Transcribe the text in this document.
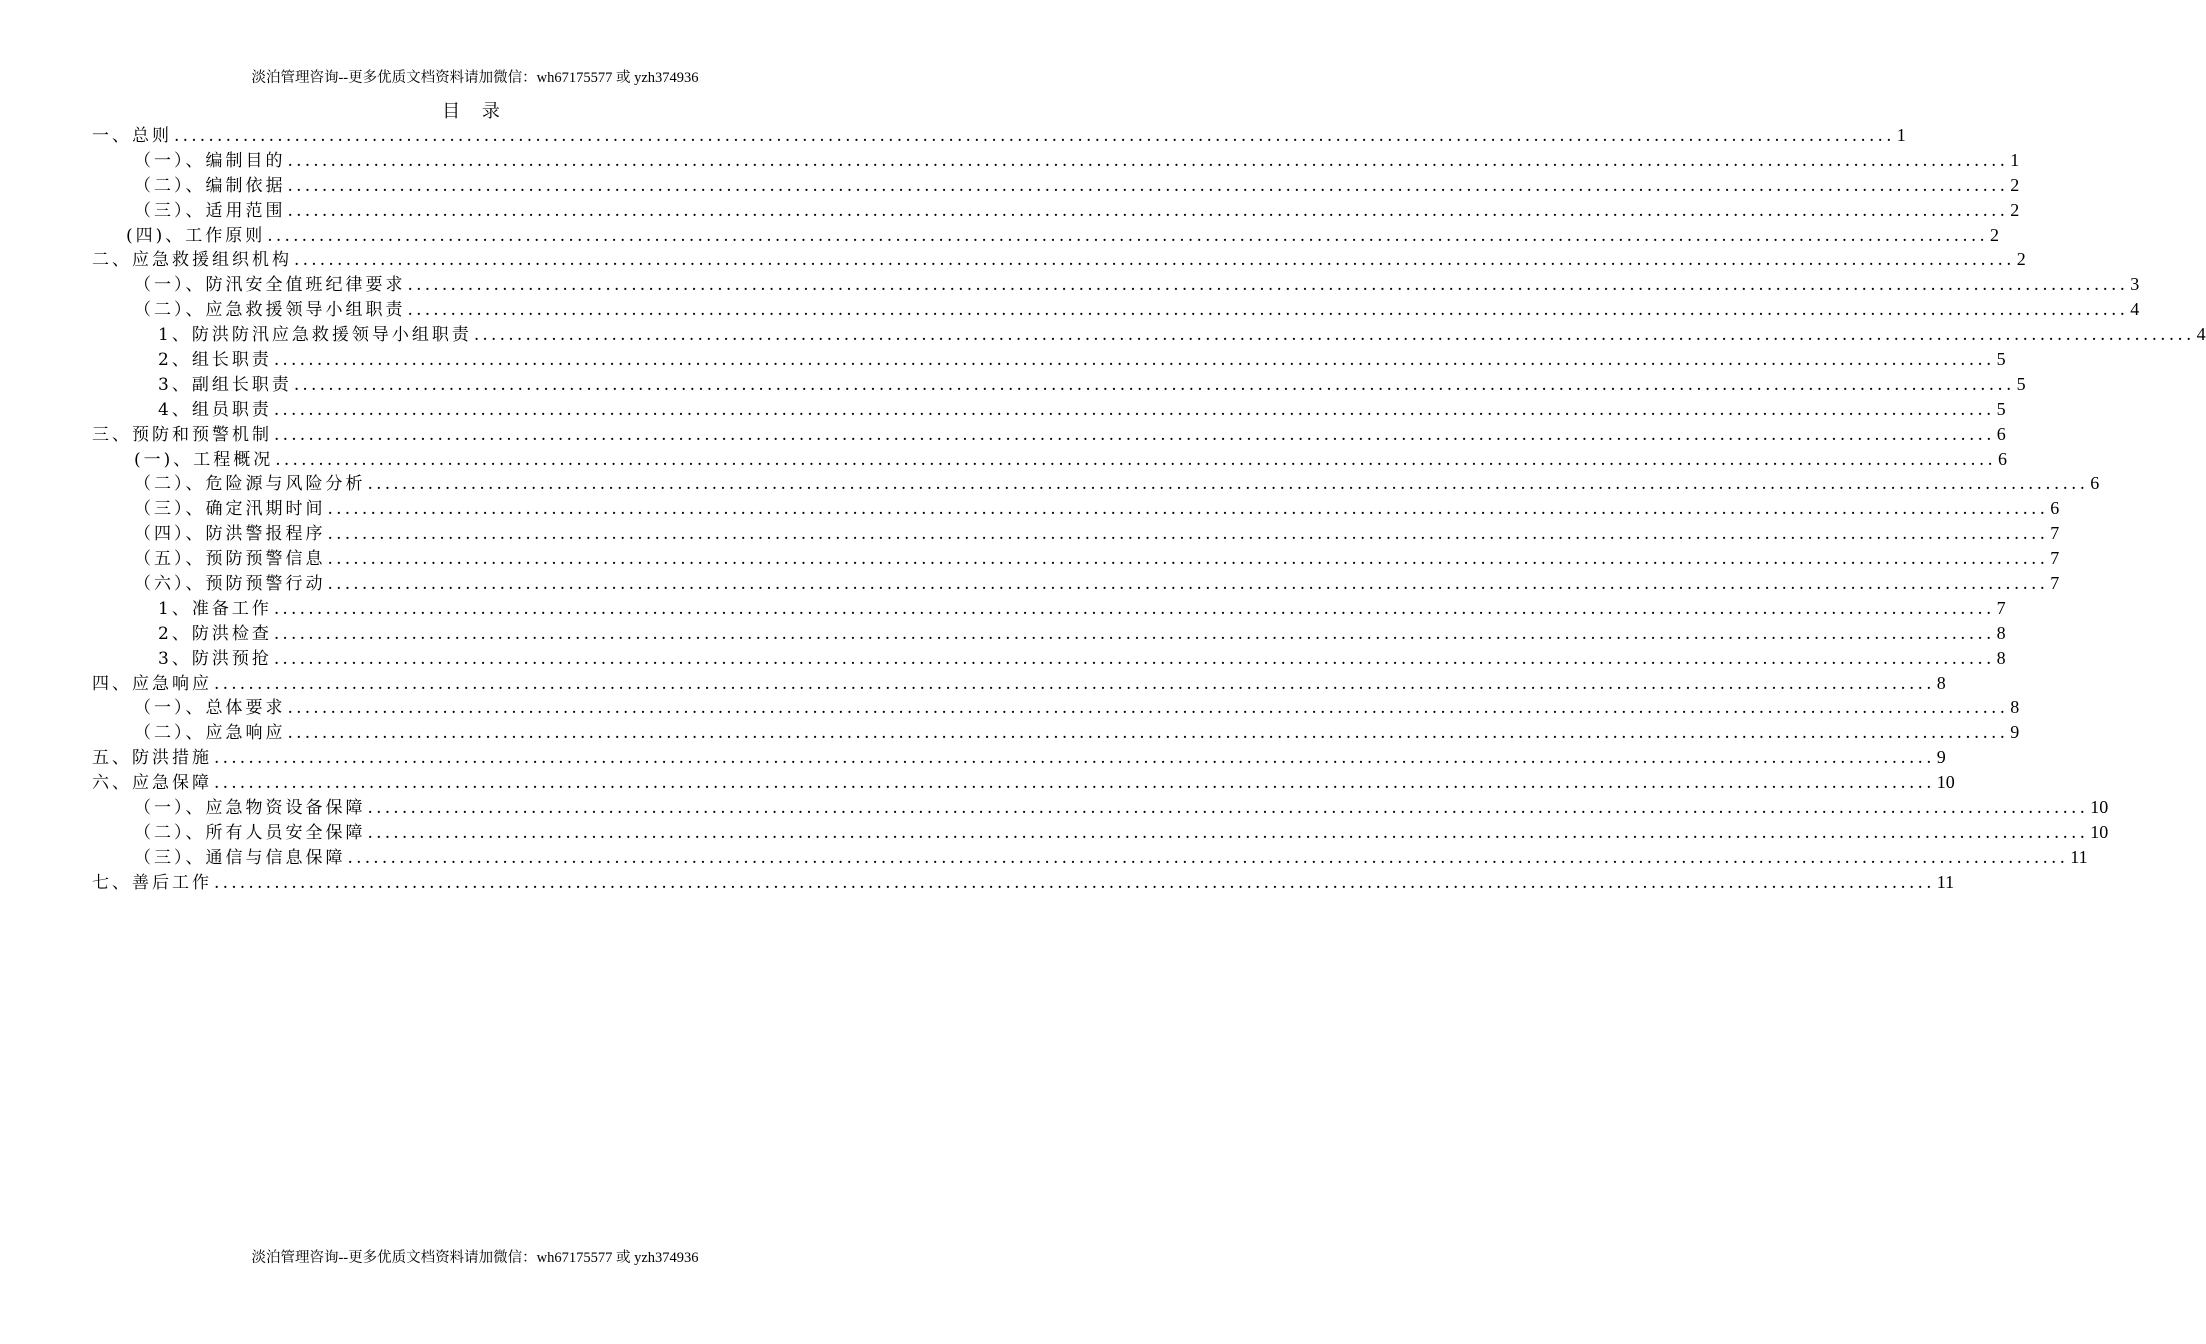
淡泊管理咨询--更多优质文档资料请加微信：wh67175577 或 yzh374936
目 录
一、总则 ........................................................................................................................................................................................................ 1
（一）、编制目的 ........................................................................................................................................................................................................ 1
（二）、编制依据 ........................................................................................................................................................................................................ 2
（三）、适用范围 ........................................................................................................................................................................................................ 2
(四)、工作原则 ........................................................................................................................................................................................................ 2
二、应急救援组织机构 ........................................................................................................................................................................................................ 2
（一）、防汛安全值班纪律要求 ........................................................................................................................................................................................................ 3
（二）、应急救援领导小组职责 ........................................................................................................................................................................................................ 4
1、防洪防汛应急救援领导小组职责 ........................................................................................................................................................................................................ 4
2、组长职责 ........................................................................................................................................................................................................ 5
3、副组长职责 ........................................................................................................................................................................................................ 5
4、组员职责 ........................................................................................................................................................................................................ 5
三、预防和预警机制 ........................................................................................................................................................................................................ 6
(一)、工程概况 ........................................................................................................................................................................................................ 6
（二）、危险源与风险分析 ........................................................................................................................................................................................................ 6
（三）、确定汛期时间 ........................................................................................................................................................................................................ 6
（四）、防洪警报程序 ........................................................................................................................................................................................................ 7
（五）、预防预警信息 ........................................................................................................................................................................................................ 7
（六）、预防预警行动 ........................................................................................................................................................................................................ 7
1、准备工作 ........................................................................................................................................................................................................ 7
2、防洪检查 ........................................................................................................................................................................................................ 8
3、防洪预抢 ........................................................................................................................................................................................................ 8
四、应急响应 ........................................................................................................................................................................................................ 8
（一）、总体要求 ........................................................................................................................................................................................................ 8
（二）、应急响应 ........................................................................................................................................................................................................ 9
五、防洪措施 ........................................................................................................................................................................................................ 9
六、应急保障 ........................................................................................................................................................................................................ 10
（一）、应急物资设备保障 ........................................................................................................................................................................................................ 10
（二）、所有人员安全保障 ........................................................................................................................................................................................................ 10
（三）、通信与信息保障 ........................................................................................................................................................................................................ 11
七、善后工作 ........................................................................................................................................................................................................ 11
淡泊管理咨询--更多优质文档资料请加微信：wh67175577 或 yzh374936
